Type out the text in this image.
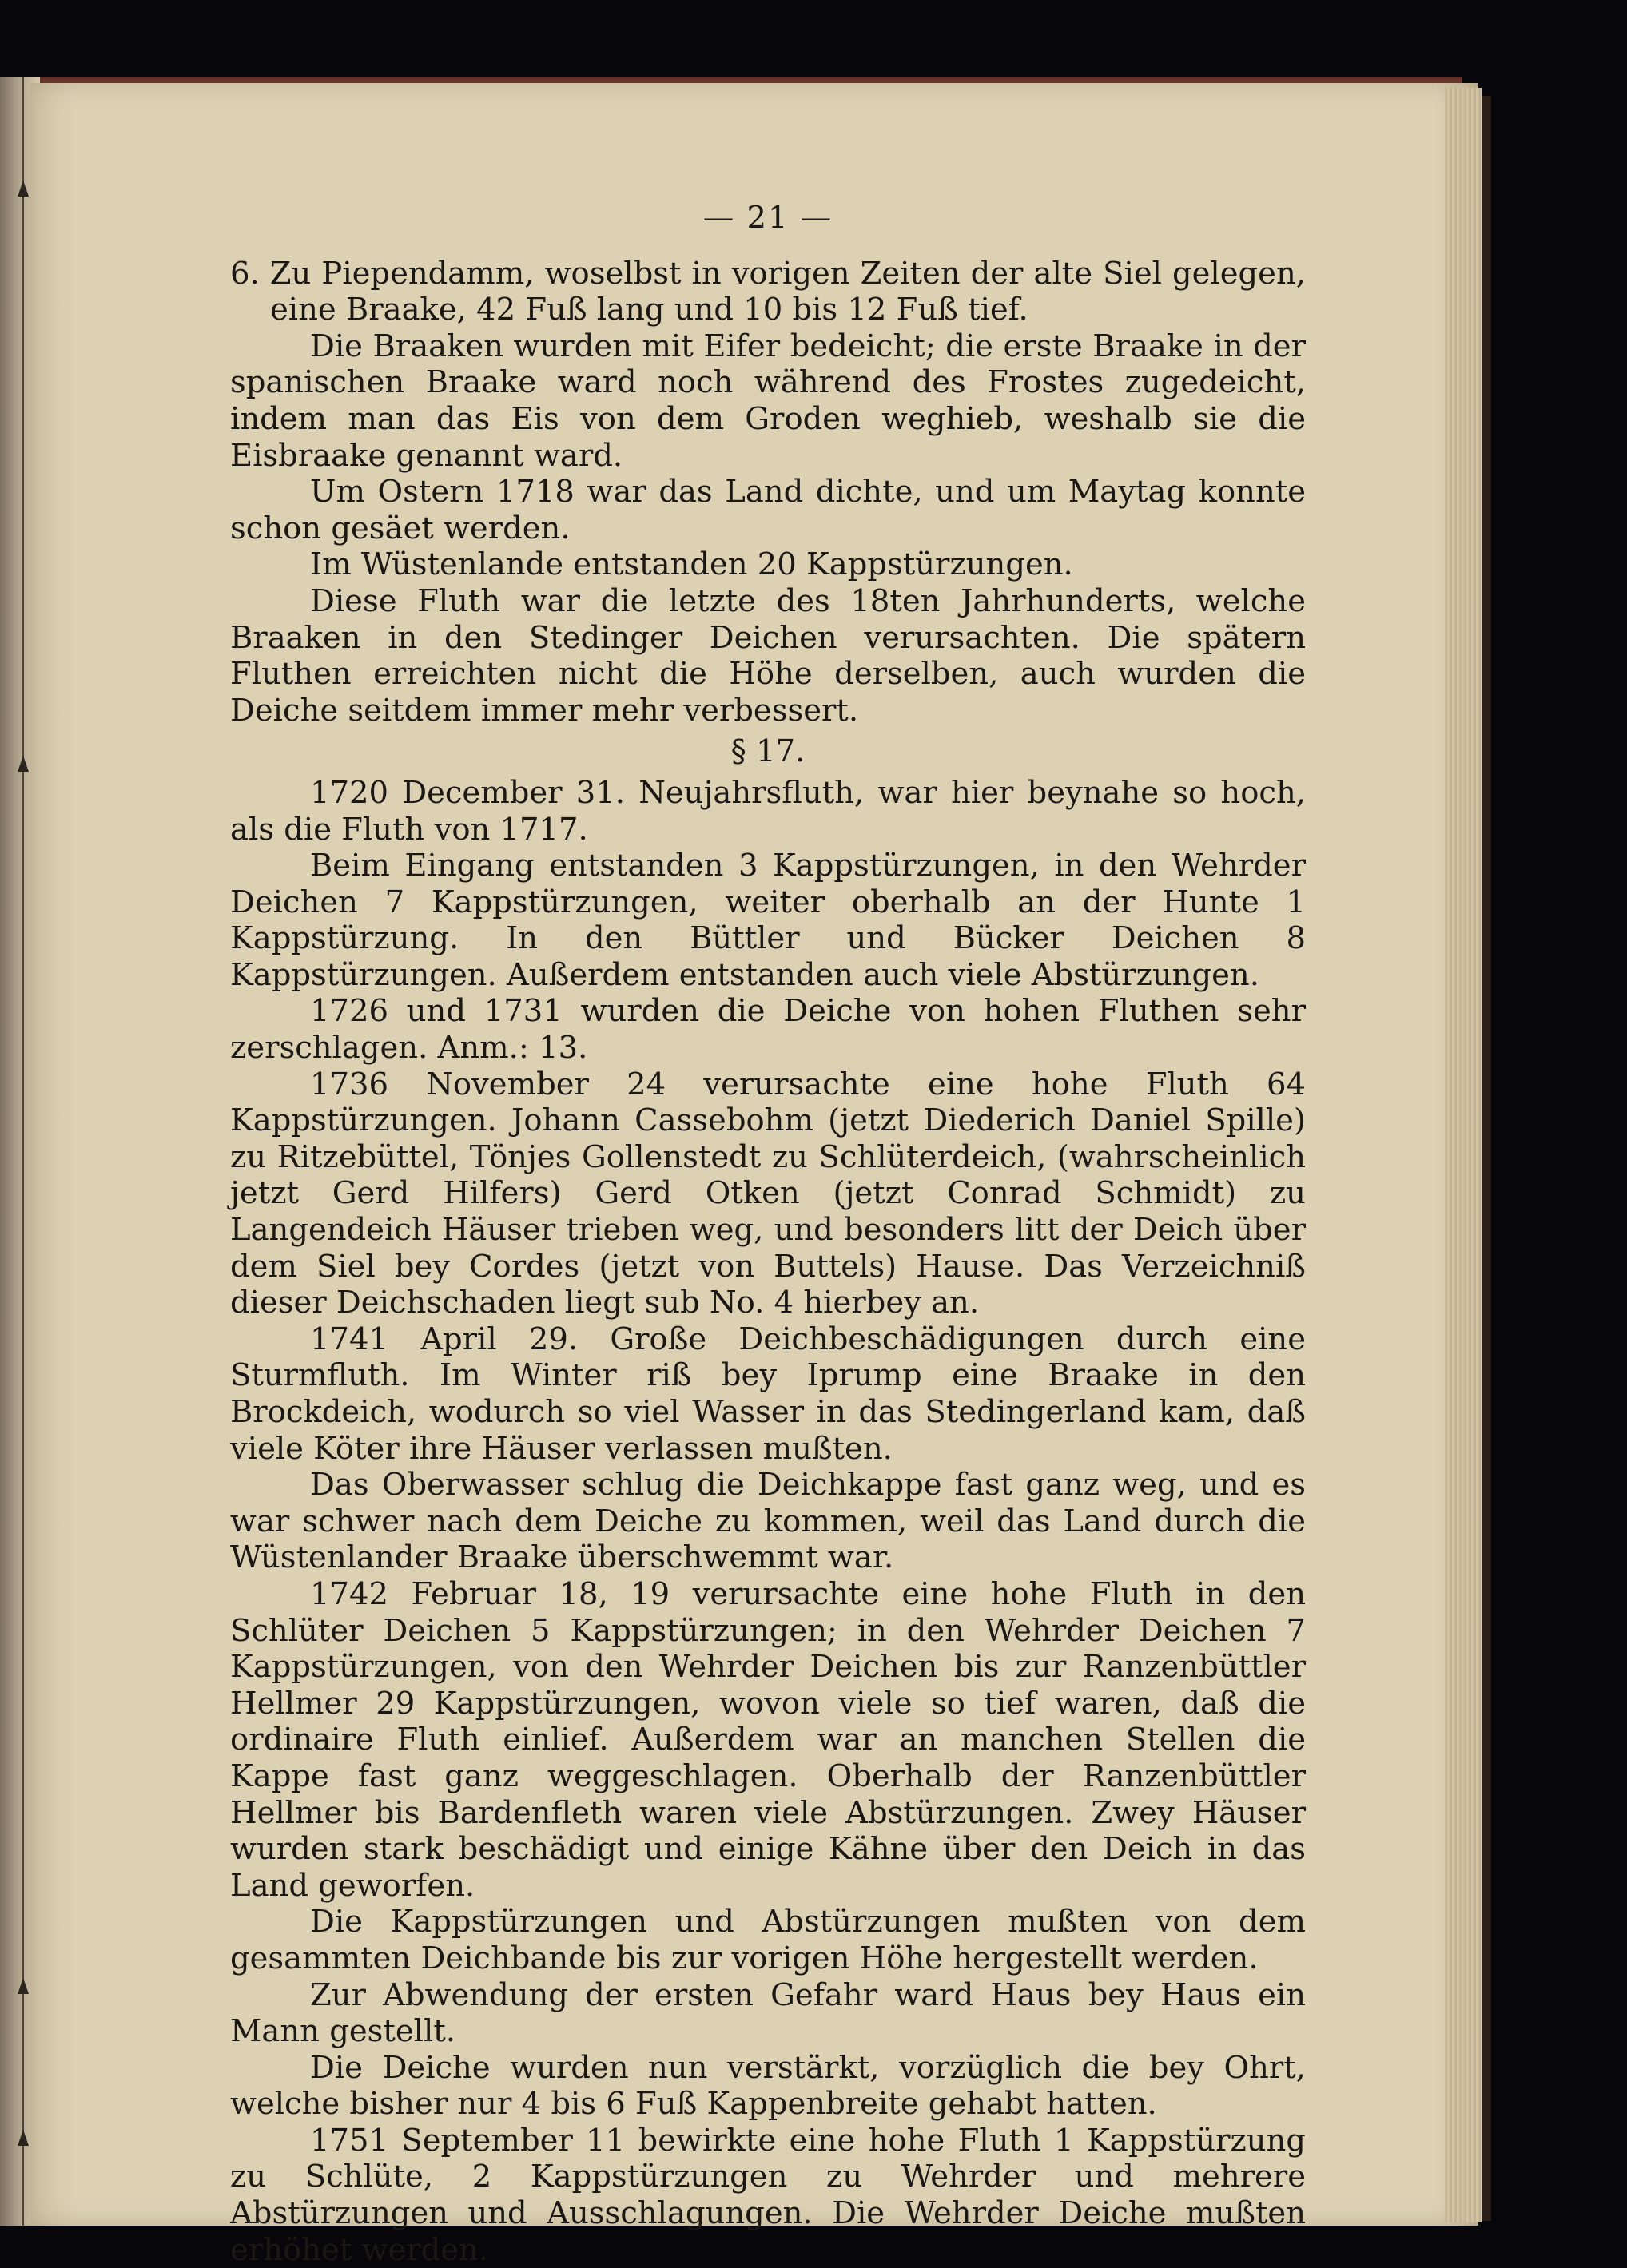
— 21 —

6. Zu Piependamm, woselbst in vorigen Zeiten der alte Siel gelegen, eine Braake, 42 Fuß lang und 10 bis 12 Fuß tief.

Die Braaken wurden mit Eifer bedeicht; die erste Braake in der spanischen Braake ward noch während des Frostes zugedeicht, indem man das Eis von dem Groden weghieb, weshalb sie die Eisbraake genannt ward.

Um Ostern 1718 war das Land dichte, und um Maytag konnte schon gesäet werden.

Im Wüstenlande entstanden 20 Kappstürzungen.

Diese Fluth war die letzte des 18ten Jahrhunderts, welche Braaken in den Stedinger Deichen verursachten. Die spätern Fluthen erreichten nicht die Höhe derselben, auch wurden die Deiche seitdem immer mehr verbessert.

§ 17.

1720 December 31. Neujahrsfluth, war hier beynahe so hoch, als die Fluth von 1717.

Beim Eingang entstanden 3 Kappstürzungen, in den Wehrder Deichen 7 Kappstürzungen, weiter oberhalb an der Hunte 1 Kappstürzung. In den Büttler und Bücker Deichen 8 Kappstürzungen. Außerdem entstanden auch viele Abstürzungen.

1726 und 1731 wurden die Deiche von hohen Fluthen sehr zerschlagen. Anm.: 13.

1736 November 24 verursachte eine hohe Fluth 64 Kappstürzungen. Johann Cassebohm (jetzt Diederich Daniel Spille) zu Ritzebüttel, Tönjes Gollenstedt zu Schlüterdeich, (wahrscheinlich jetzt Gerd Hilfers) Gerd Otken (jetzt Conrad Schmidt) zu Langendeich Häuser trieben weg, und besonders litt der Deich über dem Siel bey Cordes (jetzt von Buttels) Hause. Das Verzeichniß dieser Deichschaden liegt sub No. 4 hierbey an.

1741 April 29. Große Deichbeschädigungen durch eine Sturmfluth. Im Winter riß bey Iprump eine Braake in den Brockdeich, wodurch so viel Wasser in das Stedingerland kam, daß viele Köter ihre Häuser verlassen mußten.

Das Oberwasser schlug die Deichkappe fast ganz weg, und es war schwer nach dem Deiche zu kommen, weil das Land durch die Wüstenlander Braake überschwemmt war.

1742 Februar 18, 19 verursachte eine hohe Fluth in den Schlüter Deichen 5 Kappstürzungen; in den Wehrder Deichen 7 Kappstürzungen, von den Wehrder Deichen bis zur Ranzenbüttler Hellmer 29 Kappstürzungen, wovon viele so tief waren, daß die ordinaire Fluth einlief. Außerdem war an manchen Stellen die Kappe fast ganz weggeschlagen. Oberhalb der Ranzenbüttler Hellmer bis Bardenfleth waren viele Abstürzungen. Zwey Häuser wurden stark beschädigt und einige Kähne über den Deich in das Land geworfen.

Die Kappstürzungen und Abstürzungen mußten von dem gesammten Deichbande bis zur vorigen Höhe hergestellt werden.

Zur Abwendung der ersten Gefahr ward Haus bey Haus ein Mann gestellt.

Die Deiche wurden nun verstärkt, vorzüglich die bey Ohrt, welche bisher nur 4 bis 6 Fuß Kappenbreite gehabt hatten.

1751 September 11 bewirkte eine hohe Fluth 1 Kappstürzung zu Schlüte, 2 Kappstürzungen zu Wehrder und mehrere Abstürzungen und Ausschlagungen. Die Wehrder Deiche mußten erhöhet werden.
